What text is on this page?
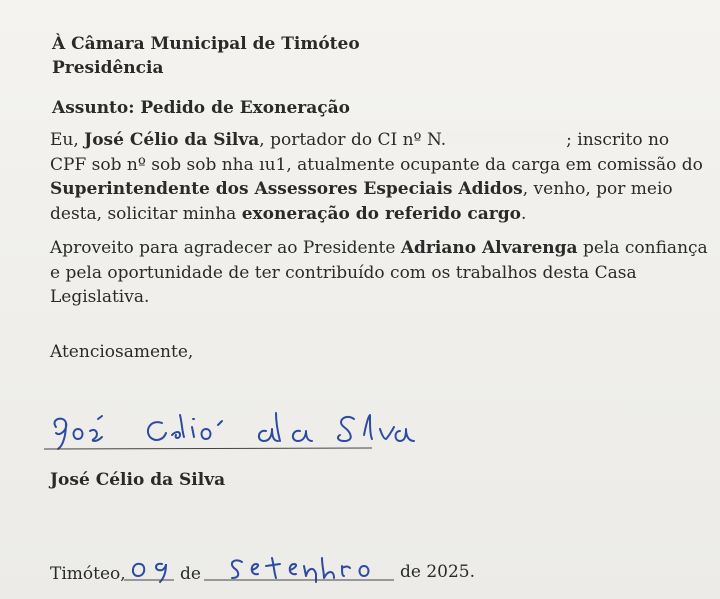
À Câmara Municipal de Timóteo
Presidência
Assunto: Pedido de Exoneração
Eu, José Célio da Silva, portador do CI nº N.	; inscrito no
CPF sob nº sob sob nha ıu1, atualmente ocupante da carga em comissão do
Superintendente dos Assessores Especiais Adidos, venho, por meio
desta, solicitar minha exoneração do referido cargo.
Aproveito para agradecer ao Presidente Adriano Alvarenga pela confiança
e pela oportunidade de ter contribuído com os trabalhos desta Casa
Legislativa.
Atenciosamente,
José Célio da Silva
Timóteo,	de	de 2025.
